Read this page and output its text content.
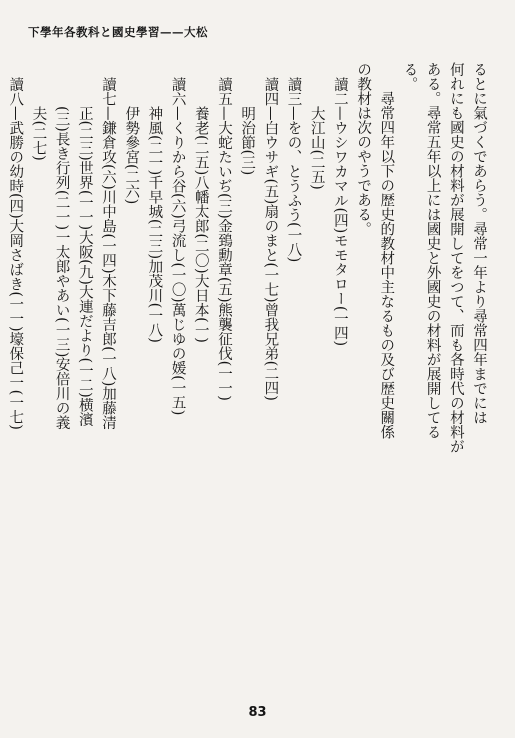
下學年各教科と國史學習——大松
るとに氣づくであらう。尋常一年より尋常四年までには
何れにも國史の材料が展開してをつて、而も各時代の材料が
ある。尋常五年以上には國史と外國史の材料が展開してる
る。
尋常四年以下の歴史的教材中主なるもの及び歴史關係
の教材は次のやうである。
讀二—ウシワカマル(四)モモタロー(一四)
大江山(二五)
讀三—をの、とうふう(一八)
讀四—白ウサギ(五)扇のまと(一七)曾我兄弟(二四)
明治節(三)
讀五—大蛇たいぢ(三)金鵄勳章(五)熊襲征伐(一一)
養老(二五)八幡太郎(二〇)大日本(一)
讀六—くりから谷(六)弓流し(一〇)萬じゆの媛(一五)
神風(二一)千早城(二三)加茂川(一八)
伊勢參宮(二六)
讀七—鎌倉攻(六)川中島(一四)木下藤吉郎(一八)加藤清
正(二三)世界(一一)大阪(九)大連だより(一二)横濱
(三)長き行列(二一)一太郎やあい(一三)安倍川の義
夫(二七)
讀八—武勝の幼時(四)大岡さばき(一一)壕保己一(一七)
83
